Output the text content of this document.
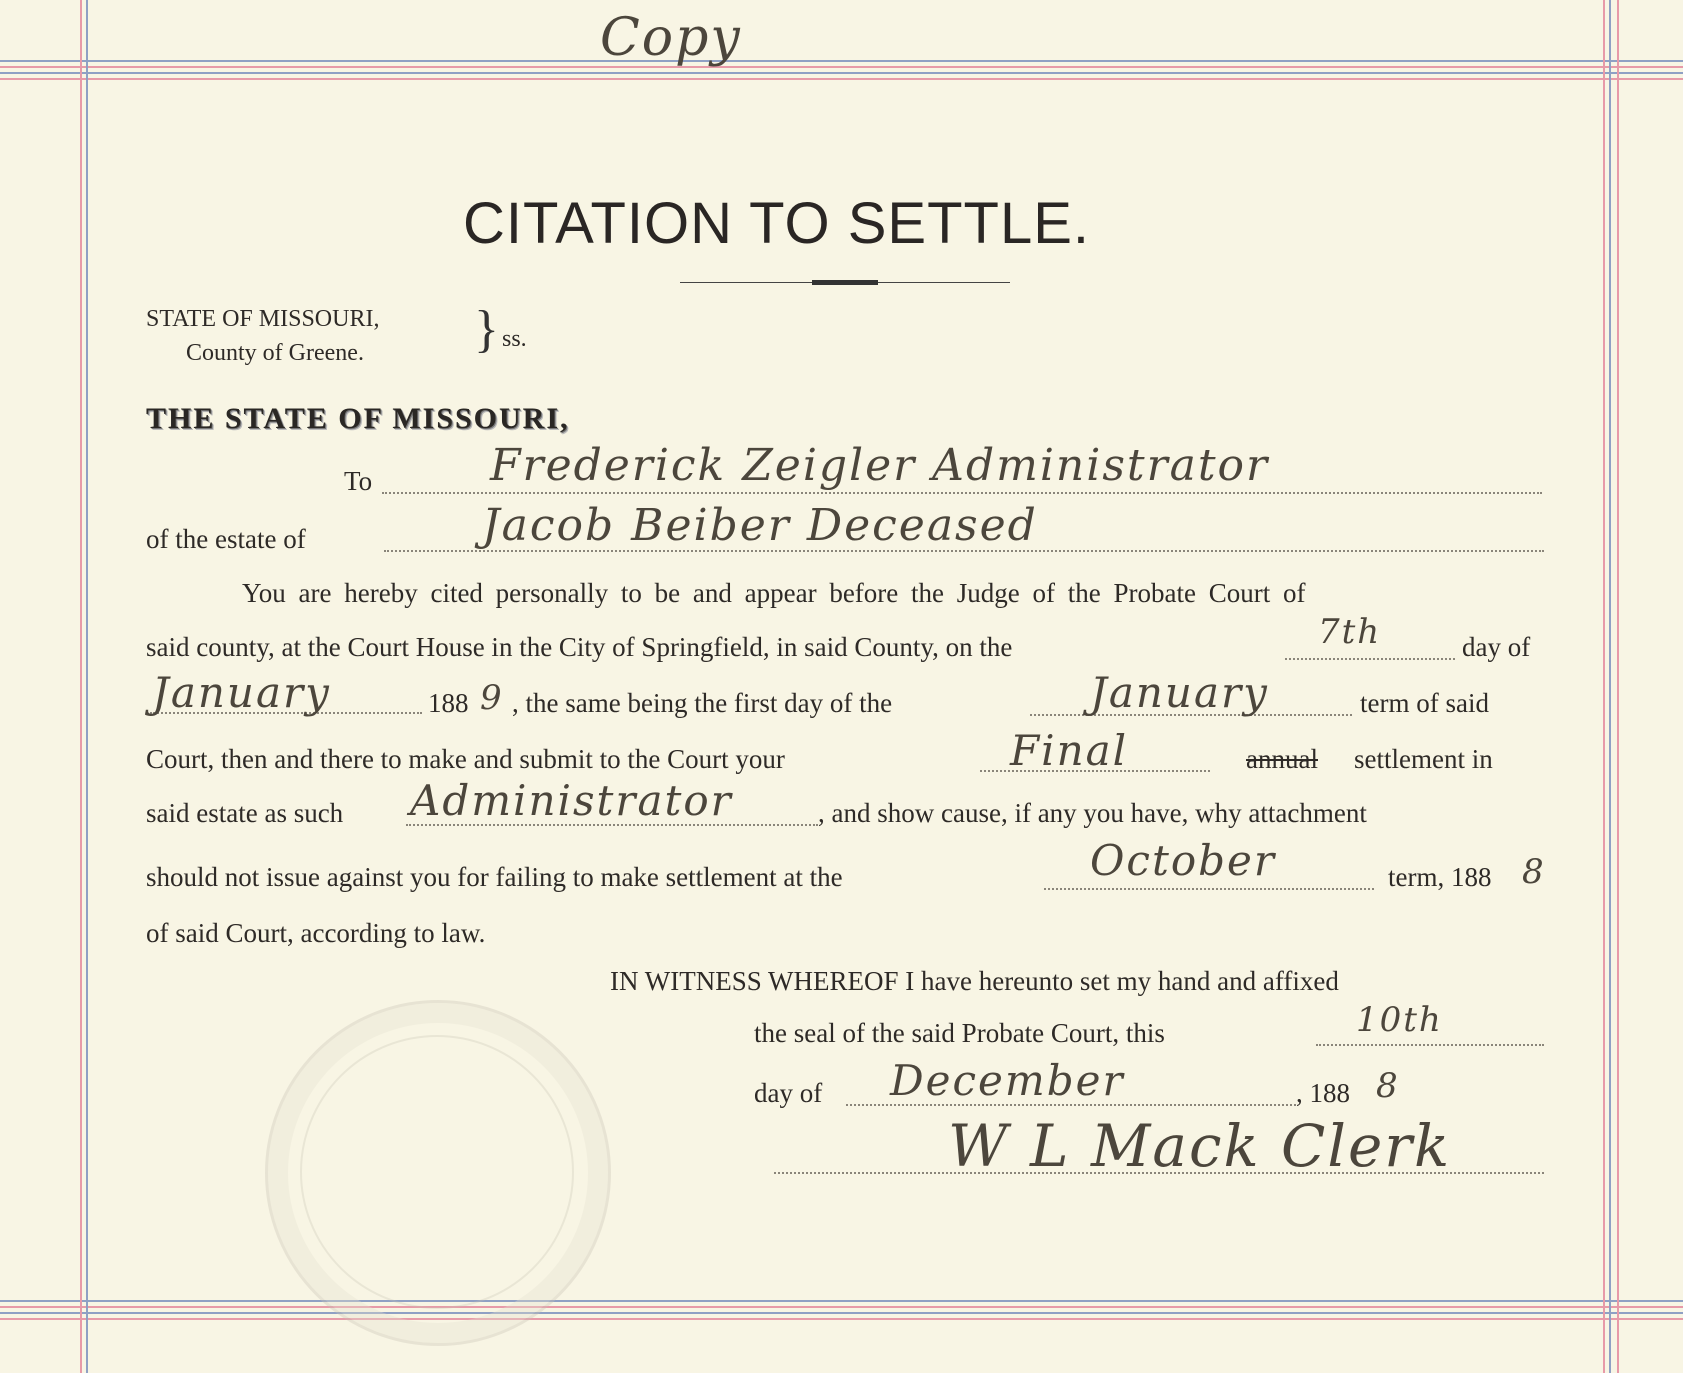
Copy
CITATION TO SETTLE.
STATE OF MISSOURI,
County of Greene. } ss.
THE STATE OF MISSOURI,
To	Frederick Zeigler Administrator
of the estate of	Jacob Beiber Deceased
You are hereby cited personally to be and appear before the Judge of the Probate Court of
said county, at the Court House in the City of Springfield, in said County, on the	7th	day of
January	188 9 , the same being the first day of the	January	term of said
Court, then and there to make and submit to the Court your	Final	annual settlement in
said estate as such Administrator	, and show cause, if any you have, why attachment
should not issue against you for failing to make settlement at the	October	term, 188 8
of said Court, according to law.
IN WITNESS WHEREOF I have hereunto set my hand and affixed
the seal of the said Probate Court, this	10th
day of December	, 188 8
W L Mack Clerk
